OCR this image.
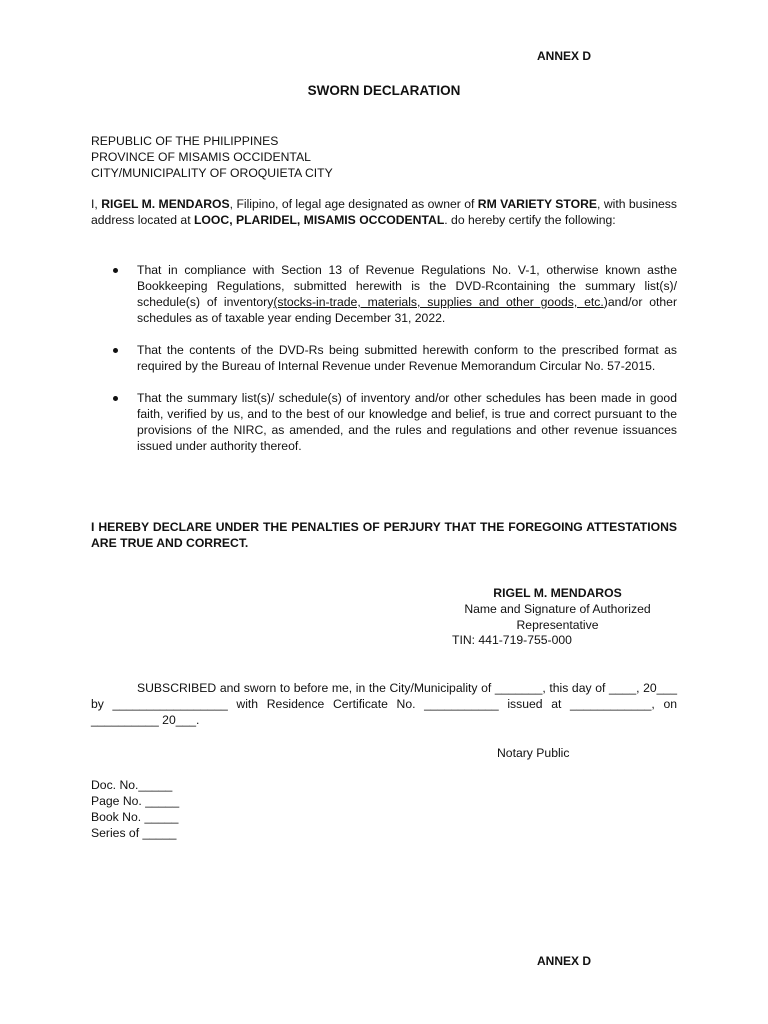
ANNEX D
SWORN DECLARATION
REPUBLIC OF THE PHILIPPINES
PROVINCE OF MISAMIS OCCIDENTAL
CITY/MUNICIPALITY OF OROQUIETA CITY
I, RIGEL M. MENDAROS, Filipino, of legal age designated as owner of RM VARIETY STORE, with business address located at LOOC, PLARIDEL, MISAMIS OCCODENTAL. do hereby certify the following:
That in compliance with Section 13 of Revenue Regulations No. V-1, otherwise known asthe Bookkeeping Regulations, submitted herewith is the DVD-Rcontaining the summary list(s)/ schedule(s) of inventory(stocks-in-trade, materials, supplies and other goods, etc.)and/or other schedules as of taxable year ending December 31, 2022.
That the contents of the DVD-Rs being submitted herewith conform to the prescribed format as required by the Bureau of Internal Revenue under Revenue Memorandum Circular No. 57-2015.
That the summary list(s)/ schedule(s) of inventory and/or other schedules has been made in good faith, verified by us, and to the best of our knowledge and belief, is true and correct pursuant to the provisions of the NIRC, as amended, and the rules and regulations and other revenue issuances issued under authority thereof.
I HEREBY DECLARE UNDER THE PENALTIES OF PERJURY THAT THE FOREGOING ATTESTATIONS ARE TRUE AND CORRECT.
RIGEL M. MENDAROS
Name and Signature of Authorized
Representative
TIN: 441-719-755-000
SUBSCRIBED and sworn to before me, in the City/Municipality of _______, this day of ____, 20___ by _________________ with Residence Certificate No. ___________ issued at ____________, on __________ 20___.
Notary Public
Doc. No._____
Page No. _____
Book No. _____
Series of _____
ANNEX D
